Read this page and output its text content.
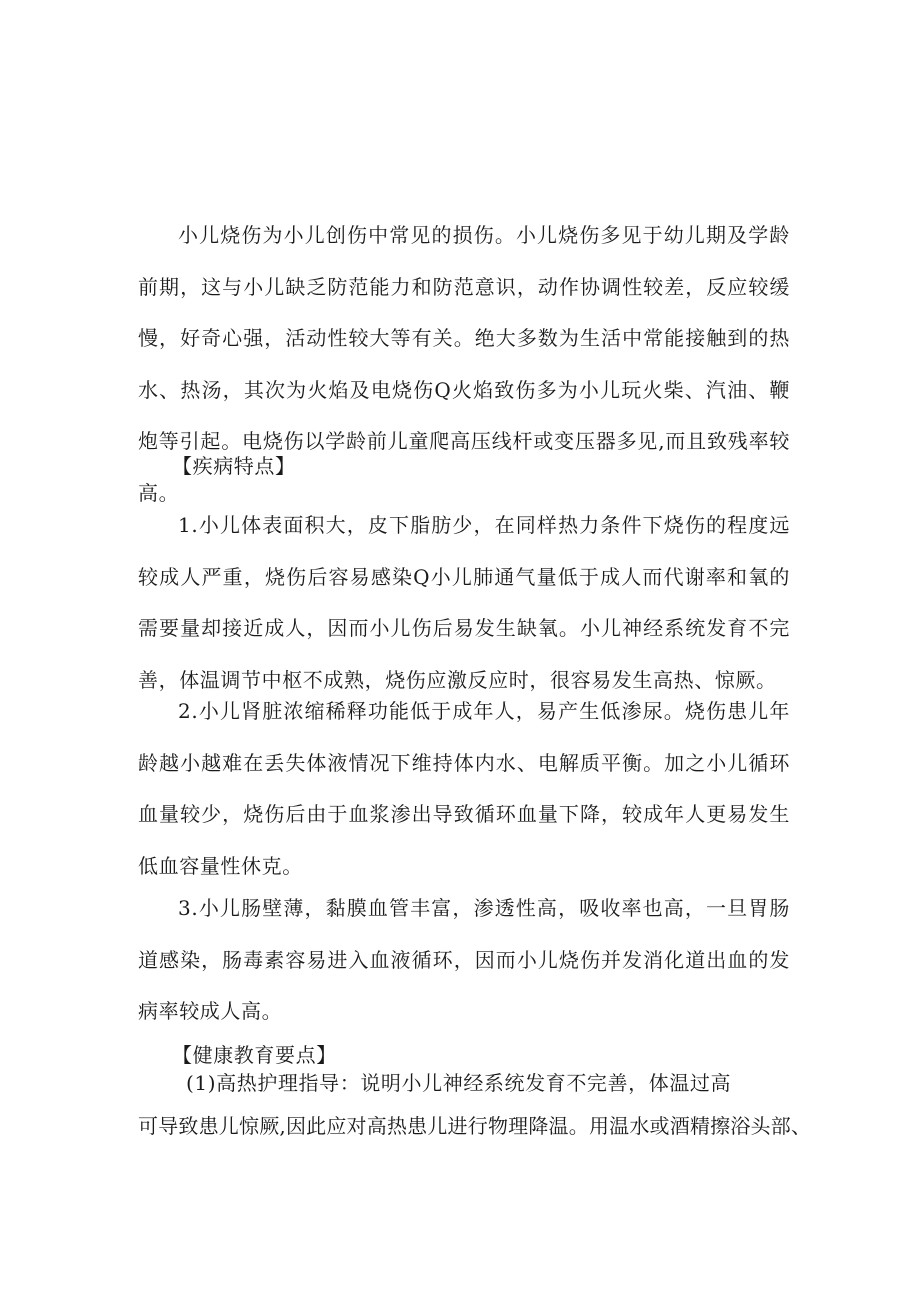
小儿烧伤为小儿创伤中常见的损伤。小儿烧伤多见于幼儿期及学龄前期，这与小儿缺乏防范能力和防范意识，动作协调性较差，反应较缓慢，好奇心强，活动性较大等有关。绝大多数为生活中常能接触到的热水、热汤，其次为火焰及电烧伤Q火焰致伤多为小儿玩火柴、汽油、鞭炮等引起。电烧伤以学龄前儿童爬高压线杆或变压器多见,而且致残率较高。

【疾病特点】

1.小儿体表面积大，皮下脂肪少，在同样热力条件下烧伤的程度远较成人严重，烧伤后容易感染Q小儿肺通气量低于成人而代谢率和氧的需要量却接近成人，因而小儿伤后易发生缺氧。小儿神经系统发育不完善，体温调节中枢不成熟，烧伤应激反应时，很容易发生高热、惊厥。

2.小儿肾脏浓缩稀释功能低于成年人，易产生低渗尿。烧伤患儿年龄越小越难在丢失体液情况下维持体内水、电解质平衡。加之小儿循环血量较少，烧伤后由于血浆渗出导致循环血量下降，较成年人更易发生低血容量性休克。

3.小儿肠壁薄，黏膜血管丰富，渗透性高，吸收率也高，一旦胃肠道感染，肠毒素容易进入血液循环，因而小儿烧伤并发消化道出血的发病率较成人高。

【健康教育要点】

(1)高热护理指导：说明小儿神经系统发育不完善，体温过高

可导致患儿惊厥,因此应对高热患儿进行物理降温。用温水或酒精擦浴头部、
